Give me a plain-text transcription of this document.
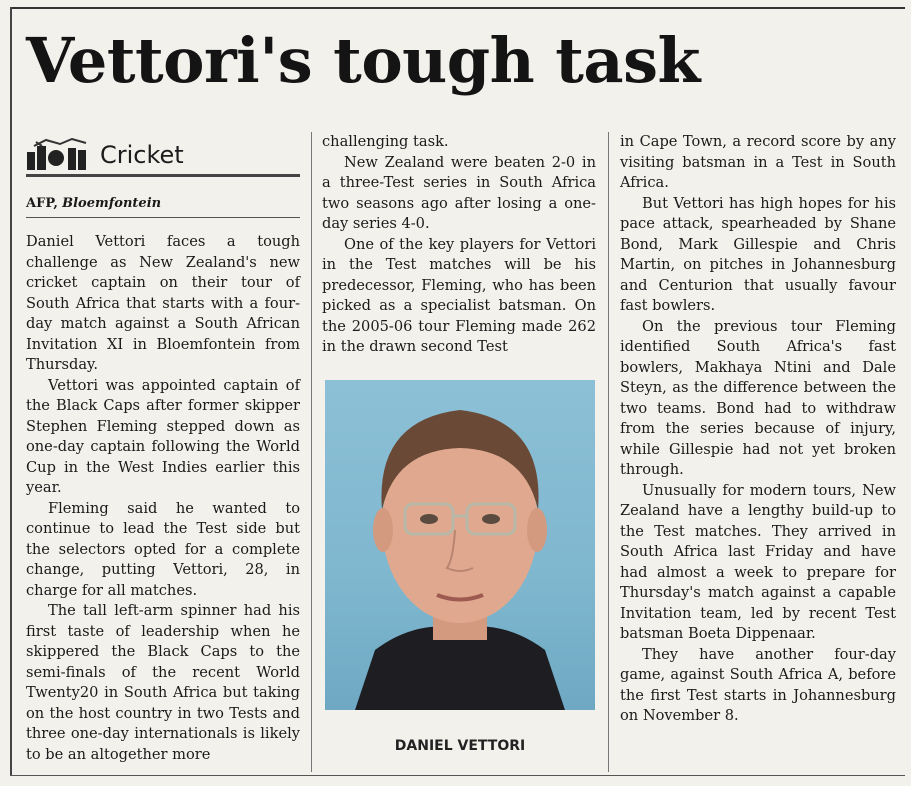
Vettori's tough task
Cricket
AFP, Bloemfontein

Daniel Vettori faces a tough challenge as New Zealand's new cricket captain on their tour of South Africa that starts with a four-day match against a South African Invitation XI in Bloemfontein from Thursday.

Vettori was appointed captain of the Black Caps after former skipper Stephen Fleming stepped down as one-day captain following the World Cup in the West Indies earlier this year.

Fleming said he wanted to continue to lead the Test side but the selectors opted for a complete change, putting Vettori, 28, in charge for all matches.

The tall left-arm spinner had his first taste of leadership when he skippered the Black Caps to the semi-finals of the recent World Twenty20 in South Africa but taking on the host country in two Tests and three one-day internationals is likely to be an altogether more

challenging task.

New Zealand were beaten 2-0 in a three-Test series in South Africa two seasons ago after losing a one-day series 4-0.

One of the key players for Vettori in the Test matches will be his predecessor, Fleming, who has been picked as a specialist batsman. On the 2005-06 tour Fleming made 262 in the drawn second Test

DANIEL VETTORI

in Cape Town, a record score by any visiting batsman in a Test in South Africa.

But Vettori has high hopes for his pace attack, spearheaded by Shane Bond, Mark Gillespie and Chris Martin, on pitches in Johannesburg and Centurion that usually favour fast bowlers.

On the previous tour Fleming identified South Africa's fast bowlers, Makhaya Ntini and Dale Steyn, as the difference between the two teams. Bond had to withdraw from the series because of injury, while Gillespie had not yet broken through.

Unusually for modern tours, New Zealand have a lengthy build-up to the Test matches. They arrived in South Africa last Friday and have had almost a week to prepare for Thursday's match against a capable Invitation team, led by recent Test batsman Boeta Dippenaar.

They have another four-day game, against South Africa A, before the first Test starts in Johannesburg on November 8.
